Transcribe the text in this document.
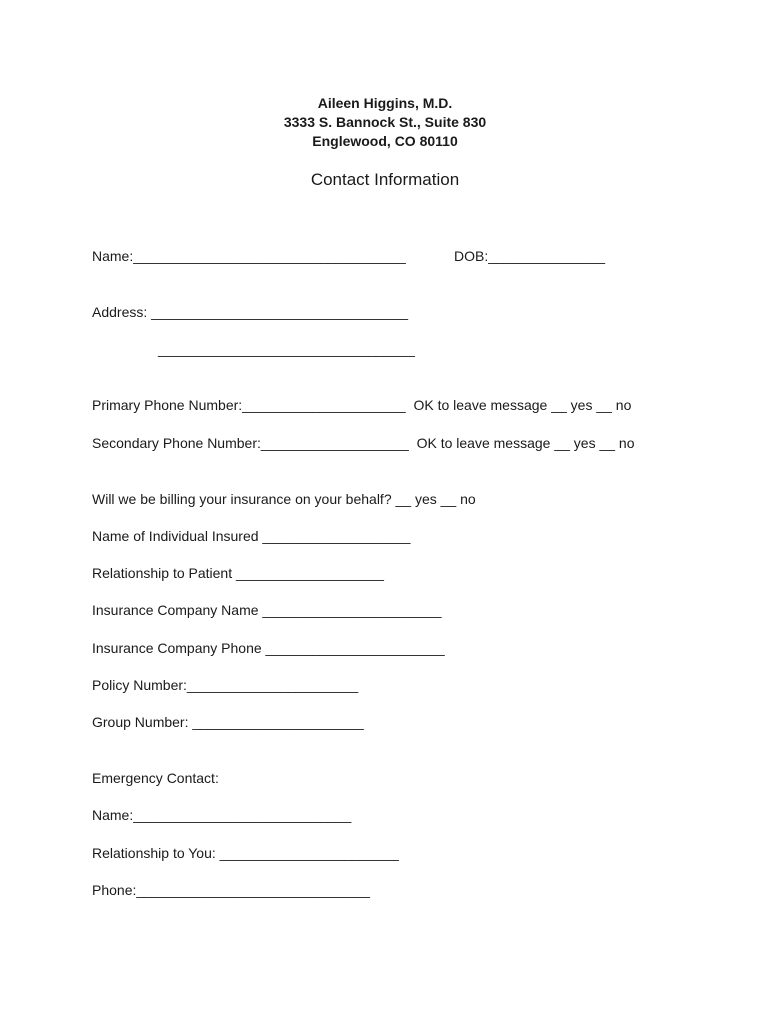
Aileen Higgins, M.D.
3333 S. Bannock St., Suite 830
Englewood, CO 80110
Contact Information
Name:___________________________________	DOB:_______________
Address: _________________________________
_________________________________
Primary Phone Number:_____________________  OK to leave message __ yes __ no
Secondary Phone Number:___________________  OK to leave message __ yes __ no
Will we be billing your insurance on your behalf? __ yes __ no
Name of Individual Insured ___________________
Relationship to Patient ___________________
Insurance Company Name _______________________
Insurance Company Phone _______________________
Policy Number:______________________
Group Number: ______________________
Emergency Contact:
Name:____________________________
Relationship to You: _______________________
Phone:______________________________
